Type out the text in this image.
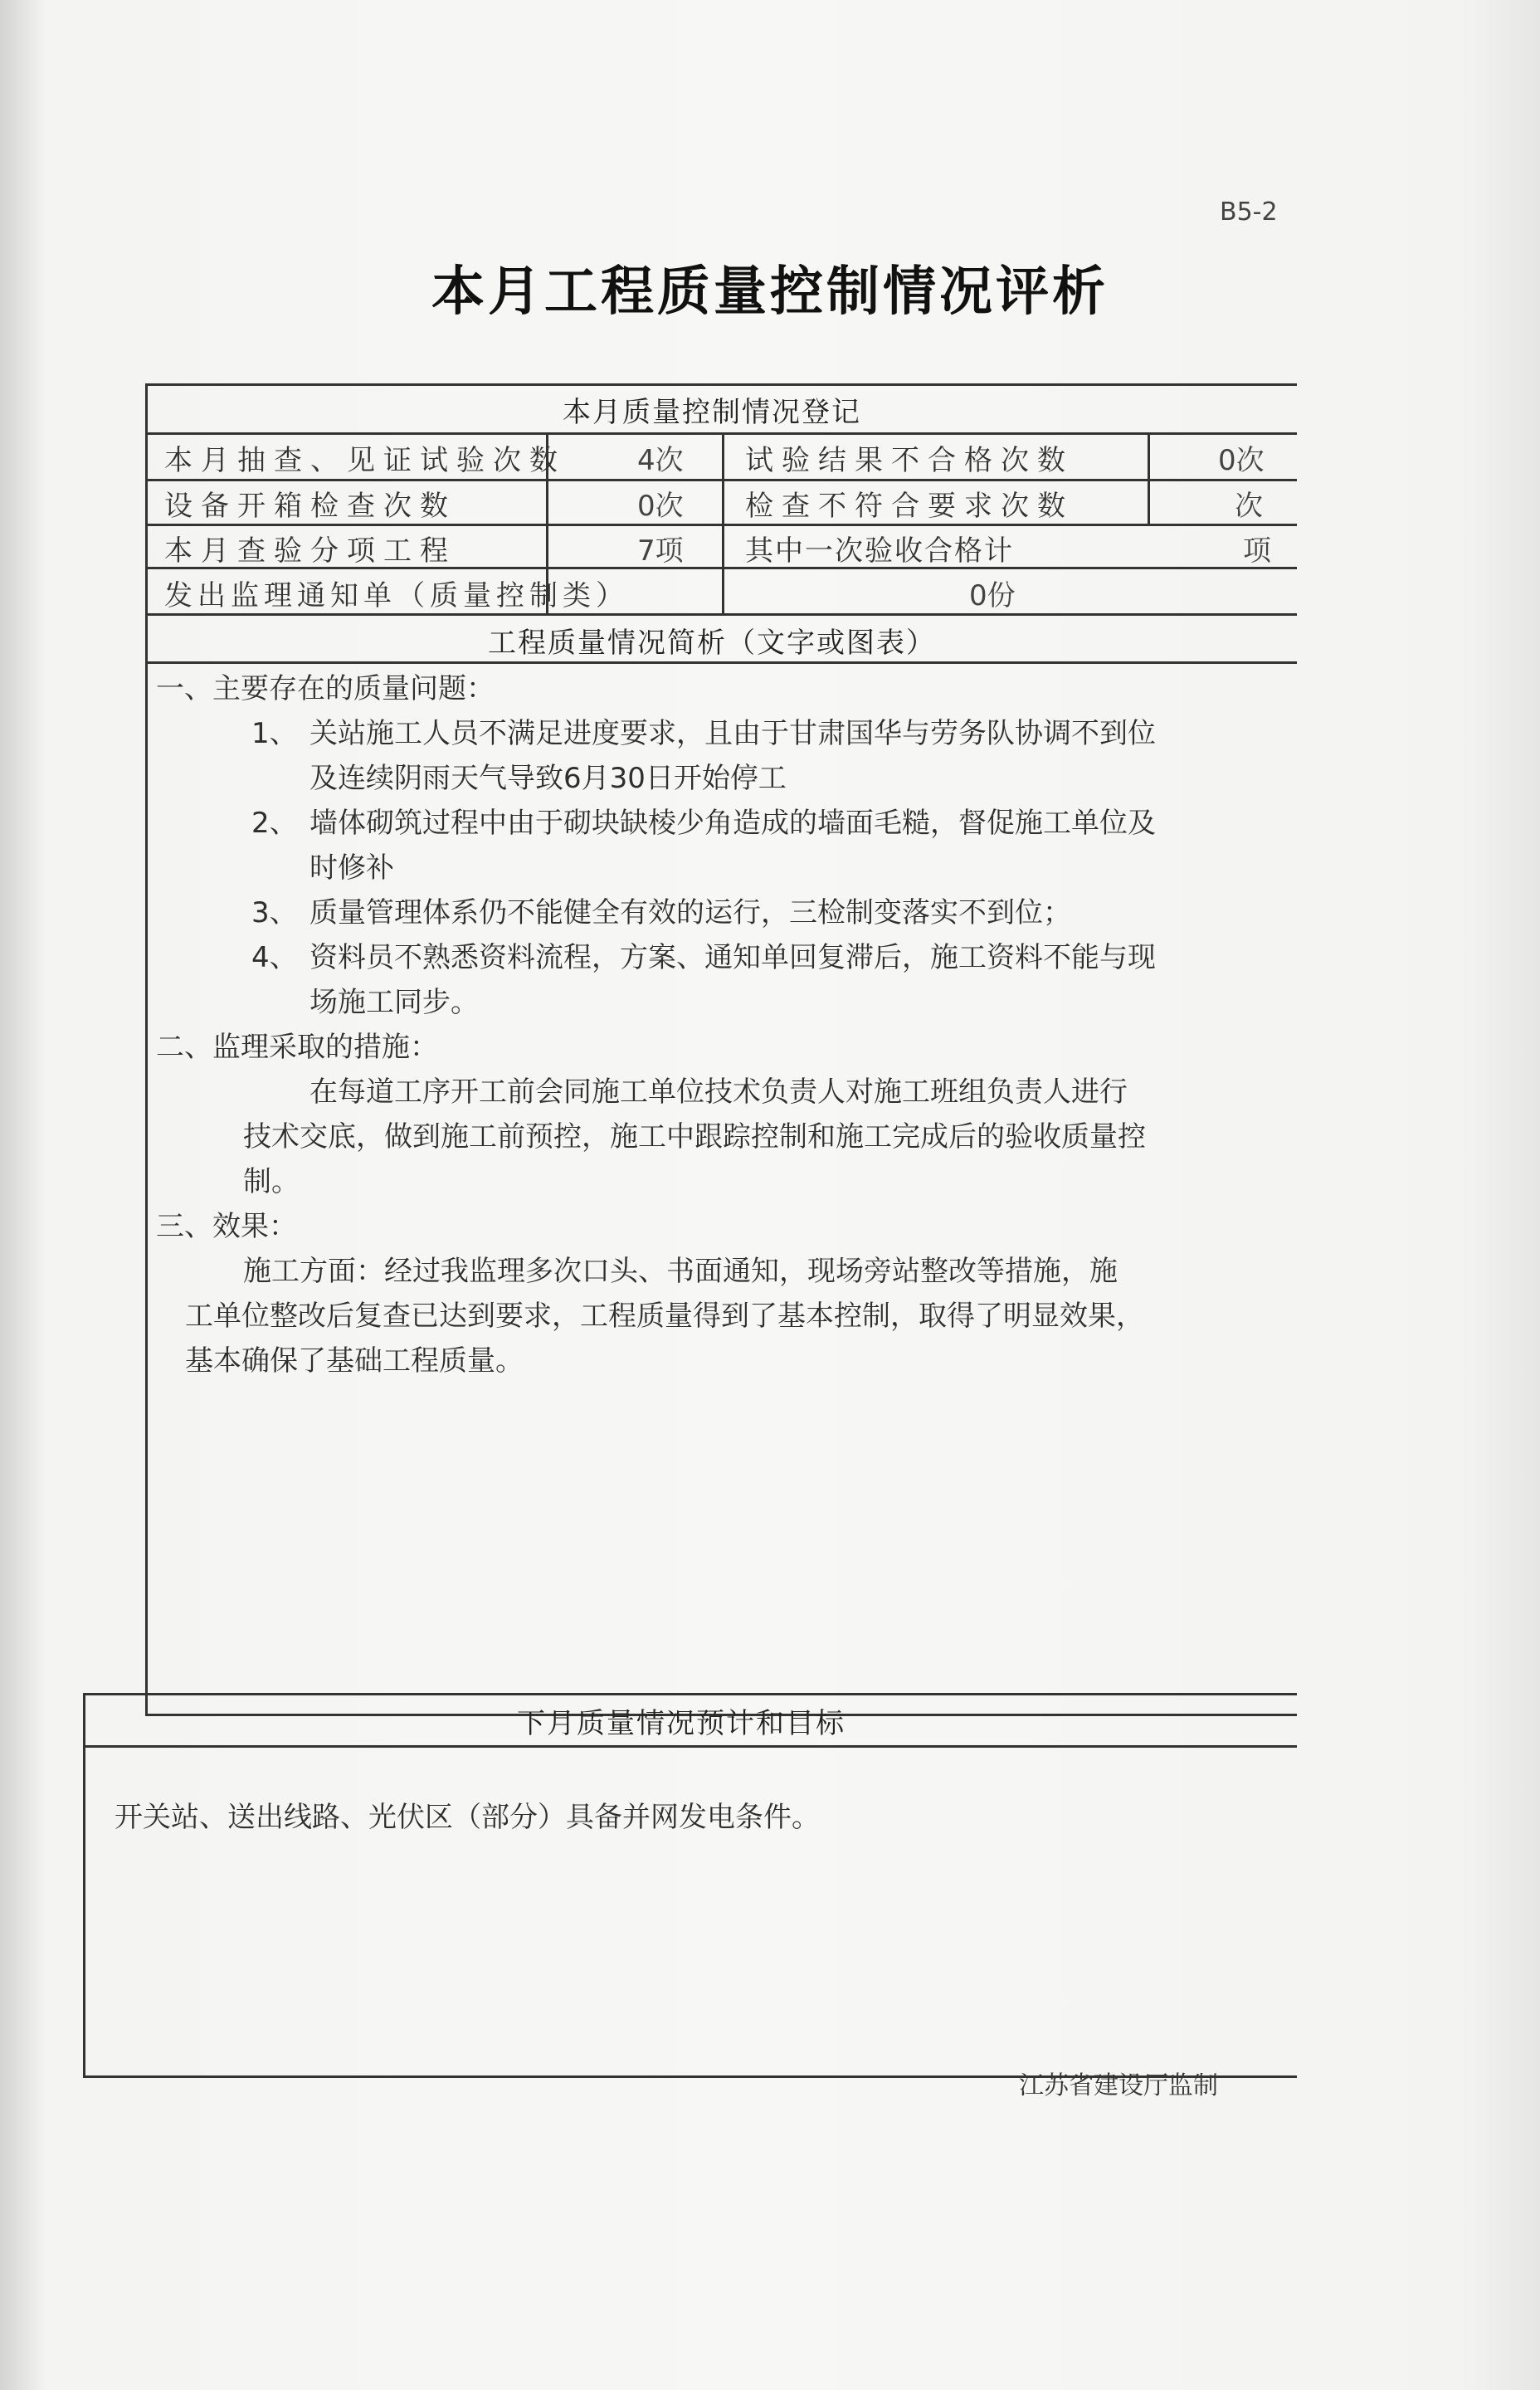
B5-2
本月工程质量控制情况评析
本月质量控制情况登记
本月抽查、见证试验次数	4次 试验结果不合格次数	0次
设备开箱检查次数	0次 检查不符合要求次数	次
本月查验分项工程	7项 其中一次验收合格计	项
发出监理通知单（质量控制类）	0份
工程质量情况简析（文字或图表）
一、主要存在的质量问题：
1、 关站施工人员不满足进度要求，且由于甘肃国华与劳务队协调不到位
及连续阴雨天气导致6月30日开始停工
2、 墙体砌筑过程中由于砌块缺棱少角造成的墙面毛糙，督促施工单位及
时修补
3、 质量管理体系仍不能健全有效的运行，三检制变落实不到位；
4、 资料员不熟悉资料流程，方案、通知单回复滞后，施工资料不能与现
场施工同步。
二、监理采取的措施：
在每道工序开工前会同施工单位技术负责人对施工班组负责人进行
技术交底，做到施工前预控，施工中跟踪控制和施工完成后的验收质量控
制。
三、效果：
施工方面：经过我监理多次口头、书面通知，现场旁站整改等措施，施
工单位整改后复查已达到要求，工程质量得到了基本控制，取得了明显效果，
基本确保了基础工程质量。
下月质量情况预计和目标
开关站、送出线路、光伏区（部分）具备并网发电条件。
江苏省建设厅监制
